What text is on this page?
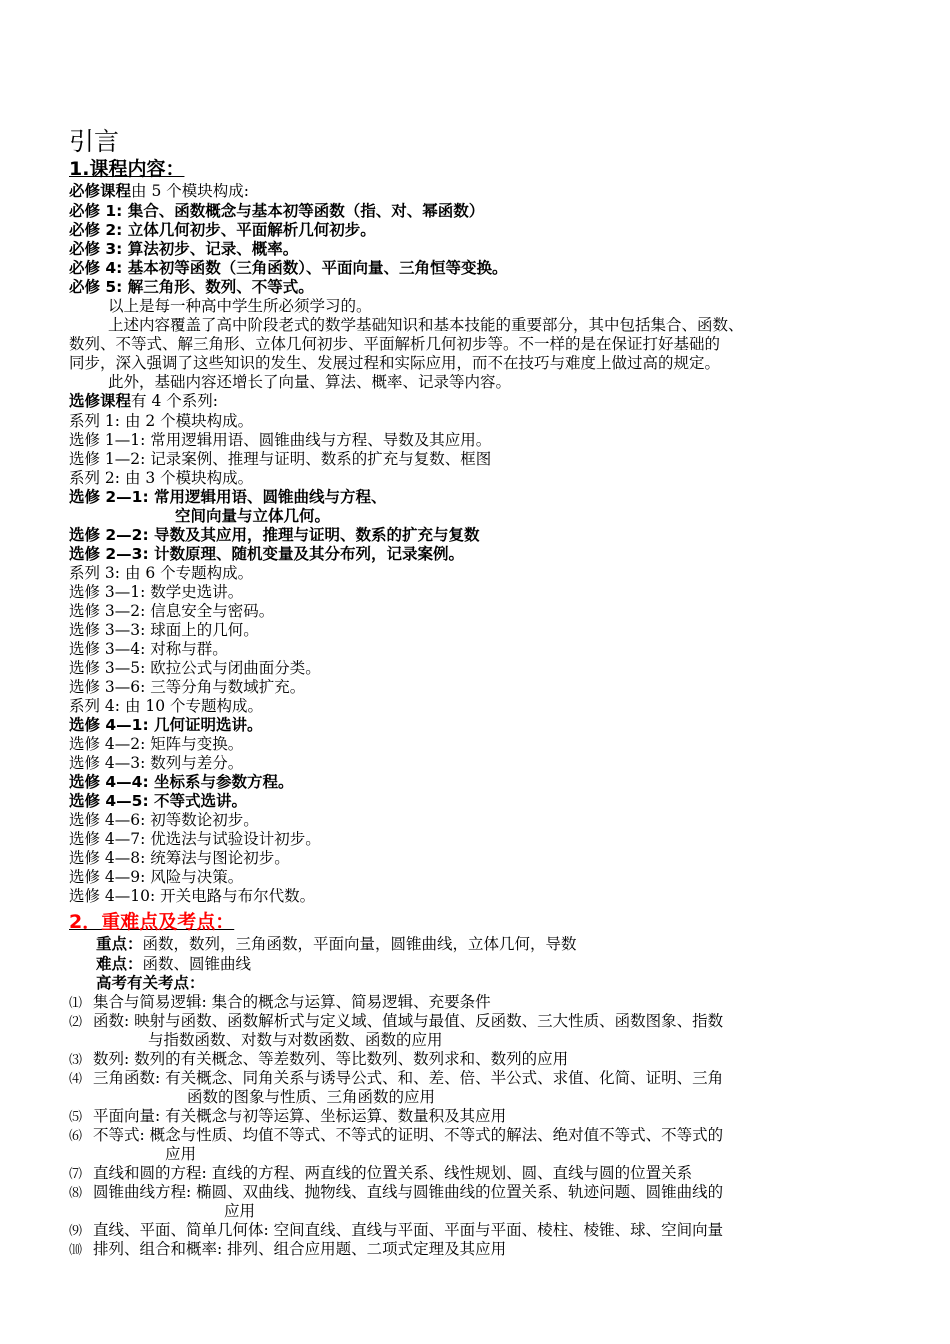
引言
1.课程内容：
必修课程由 5 个模块构成:
必修 1: 集合、函数概念与基本初等函数（指、对、幂函数）
必修 2: 立体几何初步、平面解析几何初步。
必修 3: 算法初步、记录、概率。
必修 4: 基本初等函数（三角函数）、平面向量、三角恒等变换。
必修 5: 解三角形、数列、不等式。
以上是每一种高中学生所必须学习的。
上述内容覆盖了高中阶段老式的数学基础知识和基本技能的重要部分，其中包括集合、函数、
数列、不等式、解三角形、立体几何初步、平面解析几何初步等。不一样的是在保证打好基础的
同步，深入强调了这些知识的发生、发展过程和实际应用，而不在技巧与难度上做过高的规定。
此外，基础内容还增长了向量、算法、概率、记录等内容。
选修课程有 4 个系列:
系列 1: 由 2 个模块构成。
选修 1—1: 常用逻辑用语、圆锥曲线与方程、导数及其应用。
选修 1—2: 记录案例、推理与证明、数系的扩充与复数、框图
系列 2: 由 3 个模块构成。
选修 2—1: 常用逻辑用语、圆锥曲线与方程、
空间向量与立体几何。
选修 2—2: 导数及其应用，推理与证明、数系的扩充与复数
选修 2—3: 计数原理、随机变量及其分布列，记录案例。
系列 3: 由 6 个专题构成。
选修 3—1: 数学史选讲。
选修 3—2: 信息安全与密码。
选修 3—3: 球面上的几何。
选修 3—4: 对称与群。
选修 3—5: 欧拉公式与闭曲面分类。
选修 3—6: 三等分角与数域扩充。
系列 4: 由 10 个专题构成。
选修 4—1: 几何证明选讲。
选修 4—2: 矩阵与变换。
选修 4—3: 数列与差分。
选修 4—4: 坐标系与参数方程。
选修 4—5: 不等式选讲。
选修 4—6: 初等数论初步。
选修 4—7: 优选法与试验设计初步。
选修 4—8: 统筹法与图论初步。
选修 4—9: 风险与决策。
选修 4—10: 开关电路与布尔代数。
2．重难点及考点：
重点：函数，数列，三角函数，平面向量，圆锥曲线，立体几何，导数
难点：函数、圆锥曲线
高考有关考点：
⑴ 集合与简易逻辑: 集合的概念与运算、简易逻辑、充要条件
⑵ 函数: 映射与函数、函数解析式与定义域、值域与最值、反函数、三大性质、函数图象、指数
与指数函数、对数与对数函数、函数的应用
⑶ 数列: 数列的有关概念、等差数列、等比数列、数列求和、数列的应用
⑷ 三角函数: 有关概念、同角关系与诱导公式、和、差、倍、半公式、求值、化简、证明、三角
函数的图象与性质、三角函数的应用
⑸ 平面向量: 有关概念与初等运算、坐标运算、数量积及其应用
⑹ 不等式: 概念与性质、均值不等式、不等式的证明、不等式的解法、绝对值不等式、不等式的
应用
⑺ 直线和圆的方程: 直线的方程、两直线的位置关系、线性规划、圆、直线与圆的位置关系
⑻ 圆锥曲线方程: 椭圆、双曲线、抛物线、直线与圆锥曲线的位置关系、轨迹问题、圆锥曲线的
应用
⑼ 直线、平面、简单几何体: 空间直线、直线与平面、平面与平面、棱柱、棱锥、球、空间向量
⑽ 排列、组合和概率: 排列、组合应用题、二项式定理及其应用
